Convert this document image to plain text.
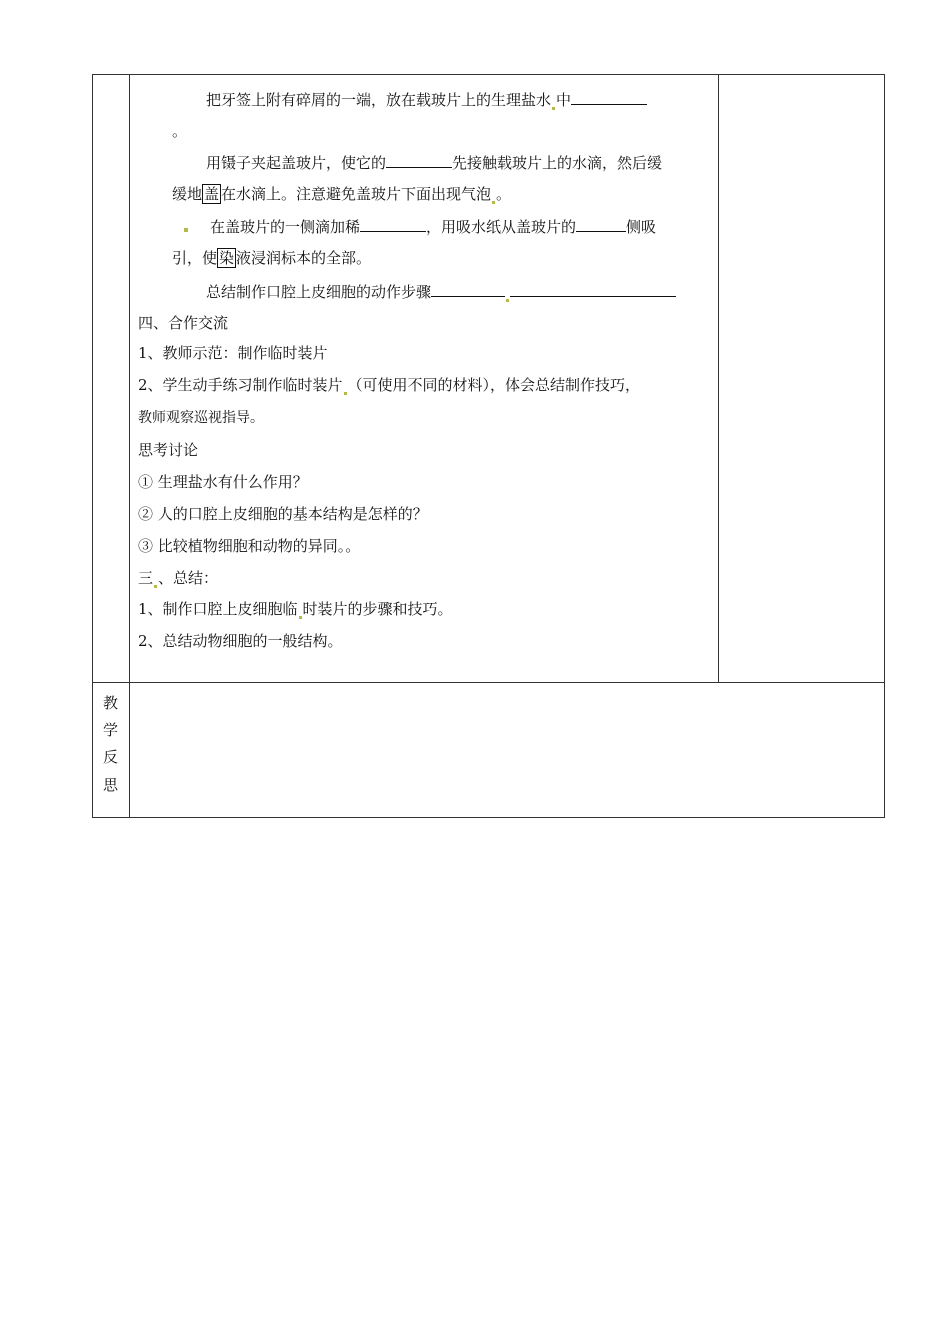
把牙签上附有碎屑的一端，放在载玻片上的生理盐水 中
。
用镊子夹起盖玻片，使它的	先接触载玻片上的水滴，然后缓
缓地 盖 在水滴上。注意避免盖玻片下面出现气泡 。
在盖玻片的一侧滴加稀	，用吸水纸从盖玻片的	侧吸
引，使 染 液浸润标本的全部。
总结制作口腔上皮细胞的动作步骤
四、合作交流
1、教师示范：制作临时装片
2、学生动手练习制作临时装片 （可使用不同的材料），体会总结制作技巧，
教师观察巡视指导。
思考讨论
① 生理盐水有什么作用？
② 人的口腔上皮细胞的基本结构是怎样的？
③ 比较植物细胞和动物的异同。。
三 、总结：
1、制作口腔上皮细胞临 时装片的步骤和技巧。
2、总结动物细胞的一般结构。
教
学
反
思
